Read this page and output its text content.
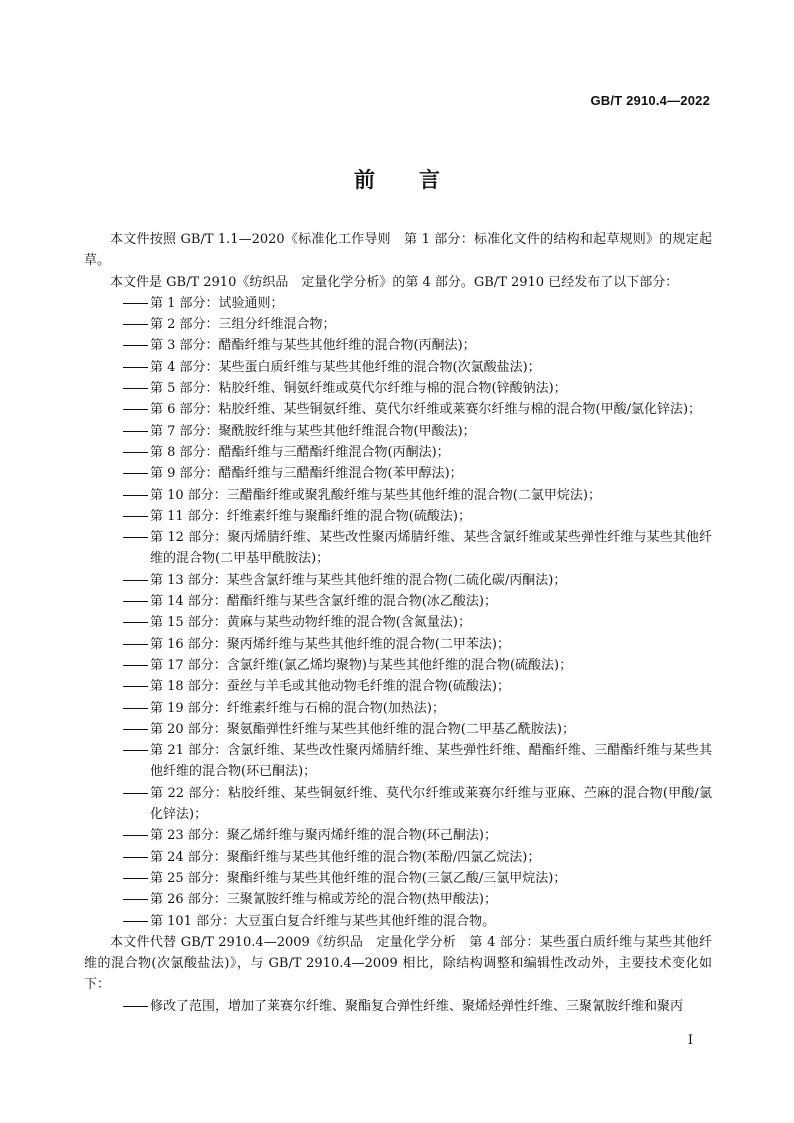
GB/T 2910.4—2022
前言

本文件按照 GB/T 1.1—2020《标准化工作导则　第 1 部分：标准化文件的结构和起草规则》的规定起草。

本文件是 GB/T 2910《纺织品　定量化学分析》的第 4 部分。GB/T 2910 已经发布了以下部分：

第 1 部分：试验通则；
第 2 部分：三组分纤维混合物；
第 3 部分：醋酯纤维与某些其他纤维的混合物(丙酮法)；
第 4 部分：某些蛋白质纤维与某些其他纤维的混合物(次氯酸盐法)；
第 5 部分：粘胶纤维、铜氨纤维或莫代尔纤维与棉的混合物(锌酸钠法)；
第 6 部分：粘胶纤维、某些铜氨纤维、莫代尔纤维或莱赛尔纤维与棉的混合物(甲酸/氯化锌法)；
第 7 部分：聚酰胺纤维与某些其他纤维混合物(甲酸法)；
第 8 部分：醋酯纤维与三醋酯纤维混合物(丙酮法)；
第 9 部分：醋酯纤维与三醋酯纤维混合物(苯甲醇法)；
第 10 部分：三醋酯纤维或聚乳酸纤维与某些其他纤维的混合物(二氯甲烷法)；
第 11 部分：纤维素纤维与聚酯纤维的混合物(硫酸法)；
第 12 部分：聚丙烯腈纤维、某些改性聚丙烯腈纤维、某些含氯纤维或某些弹性纤维与某些其他纤维的混合物(二甲基甲酰胺法)；
第 13 部分：某些含氯纤维与某些其他纤维的混合物(二硫化碳/丙酮法)；
第 14 部分：醋酯纤维与某些含氯纤维的混合物(冰乙酸法)；
第 15 部分：黄麻与某些动物纤维的混合物(含氮量法)；
第 16 部分：聚丙烯纤维与某些其他纤维的混合物(二甲苯法)；
第 17 部分：含氯纤维(氯乙烯均聚物)与某些其他纤维的混合物(硫酸法)；
第 18 部分：蚕丝与羊毛或其他动物毛纤维的混合物(硫酸法)；
第 19 部分：纤维素纤维与石棉的混合物(加热法)；
第 20 部分：聚氨酯弹性纤维与某些其他纤维的混合物(二甲基乙酰胺法)；
第 21 部分：含氯纤维、某些改性聚丙烯腈纤维、某些弹性纤维、醋酯纤维、三醋酯纤维与某些其他纤维的混合物(环已酮法)；
第 22 部分：粘胶纤维、某些铜氨纤维、莫代尔纤维或莱赛尔纤维与亚麻、苎麻的混合物(甲酸/氯化锌法)；
第 23 部分：聚乙烯纤维与聚丙烯纤维的混合物(环己酮法)；
第 24 部分：聚酯纤维与某些其他纤维的混合物(苯酚/四氯乙烷法)；
第 25 部分：聚酯纤维与某些其他纤维的混合物(三氯乙酸/三氯甲烷法)；
第 26 部分：三聚氰胺纤维与棉或芳纶的混合物(热甲酸法)；
第 101 部分：大豆蛋白复合纤维与某些其他纤维的混合物。

本文件代替 GB/T 2910.4—2009《纺织品　定量化学分析　第 4 部分：某些蛋白质纤维与某些其他纤维的混合物(次氯酸盐法)》，与 GB/T 2910.4—2009 相比，除结构调整和编辑性改动外，主要技术变化如下：

修改了范围，增加了莱赛尔纤维、聚酯复合弹性纤维、聚烯烃弹性纤维、三聚氰胺纤维和聚丙
I
